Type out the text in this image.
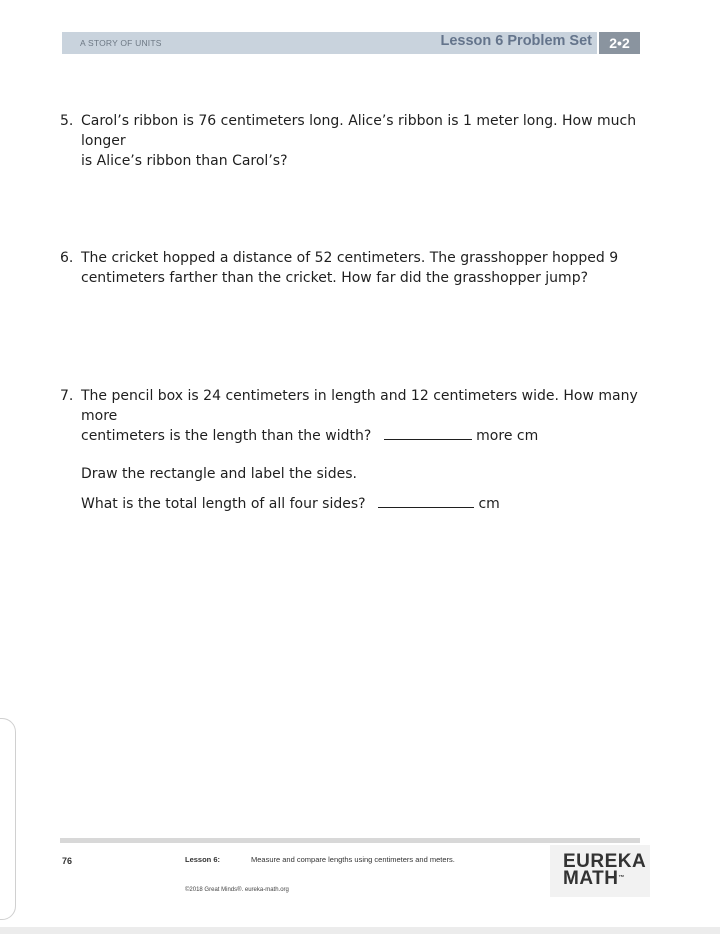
A STORY OF UNITS	Lesson 6 Problem Set	2•2
5. Carol’s ribbon is 76 centimeters long. Alice’s ribbon is 1 meter long. How much longer

is Alice’s ribbon than Carol’s?

6. The cricket hopped a distance of 52 centimeters. The grasshopper hopped 9

centimeters farther than the cricket. How far did the grasshopper jump?

7. The pencil box is 24 centimeters in length and 12 centimeters wide. How many more

centimeters is the length than the width?	more cm

Draw the rectangle and label the sides.

What is the total length of all four sides?	cm

76	Lesson 6:	Measure and compare lengths using centimeters and meters.
©2018 Great Minds®. eureka-math.org
EUREKA
MATH™
